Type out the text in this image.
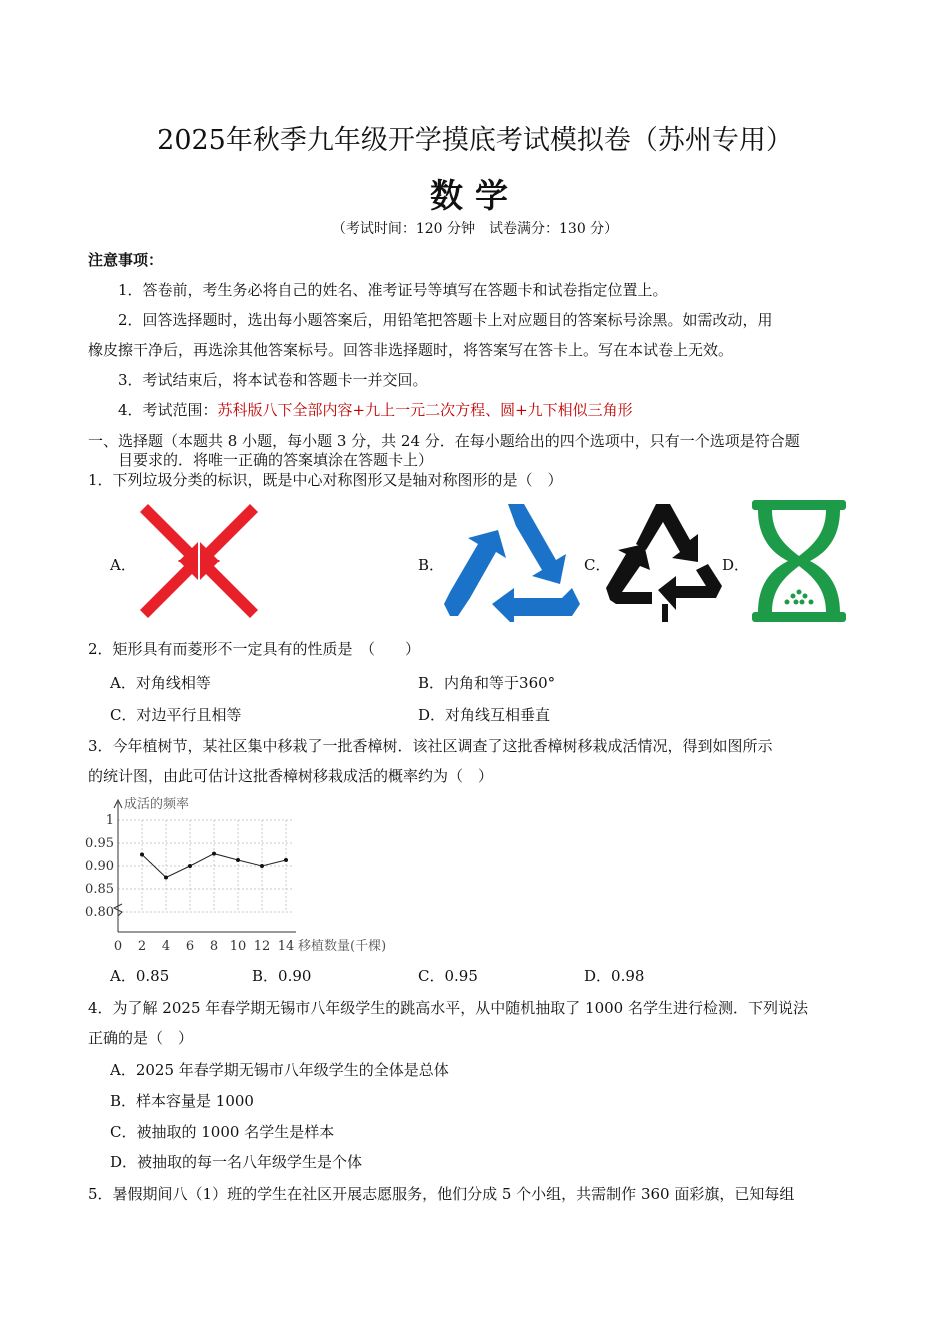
2025年秋季九年级开学摸底考试模拟卷（苏州专用）
数学
（考试时间：120 分钟　试卷满分：130 分）
注意事项：
1．答卷前，考生务必将自己的姓名、准考证号等填写在答题卡和试卷指定位置上。
2．回答选择题时，选出每小题答案后，用铅笔把答题卡上对应题目的答案标号涂黑。如需改动，用
橡皮擦干净后，再选涂其他答案标号。回答非选择题时，将答案写在答卡上。写在本试卷上无效。
3．考试结束后，将本试卷和答题卡一并交回。
4．考试范围：苏科版八下全部内容+九上一元二次方程、圆+九下相似三角形
一、选择题（本题共 8 小题，每小题 3 分，共 24 分．在每小题给出的四个选项中，只有一个选项是符合题
目要求的．将唯一正确的答案填涂在答题卡上）
1．下列垃圾分类的标识，既是中心对称图形又是轴对称图形的是（　）
A．	B．	C．	D．
2．矩形具有而菱形不一定具有的性质是　（　　）
A．对角线相等	B．内角和等于360°
C．对边平行且相等	D．对角线互相垂直
3．今年植树节，某社区集中移栽了一批香樟树．该社区调查了这批香樟树移栽成活情况，得到如图所示
的统计图，由此可估计这批香樟树移栽成活的概率约为（　）
1
0.95
0.90
0.85
0.80
0 2 4 6 8 10 12 14
成活的频率
移植数量(千棵)
A．0.85	B．0.90	C．0.95	D．0.98
4．为了解 2025 年春学期无锡市八年级学生的跳高水平，从中随机抽取了 1000 名学生进行检测．下列说法
正确的是（　）
A．2025 年春学期无锡市八年级学生的全体是总体
B．样本容量是 1000
C．被抽取的 1000 名学生是样本
D．被抽取的每一名八年级学生是个体
5．暑假期间八（1）班的学生在社区开展志愿服务，他们分成 5 个小组，共需制作 360 面彩旗，已知每组
